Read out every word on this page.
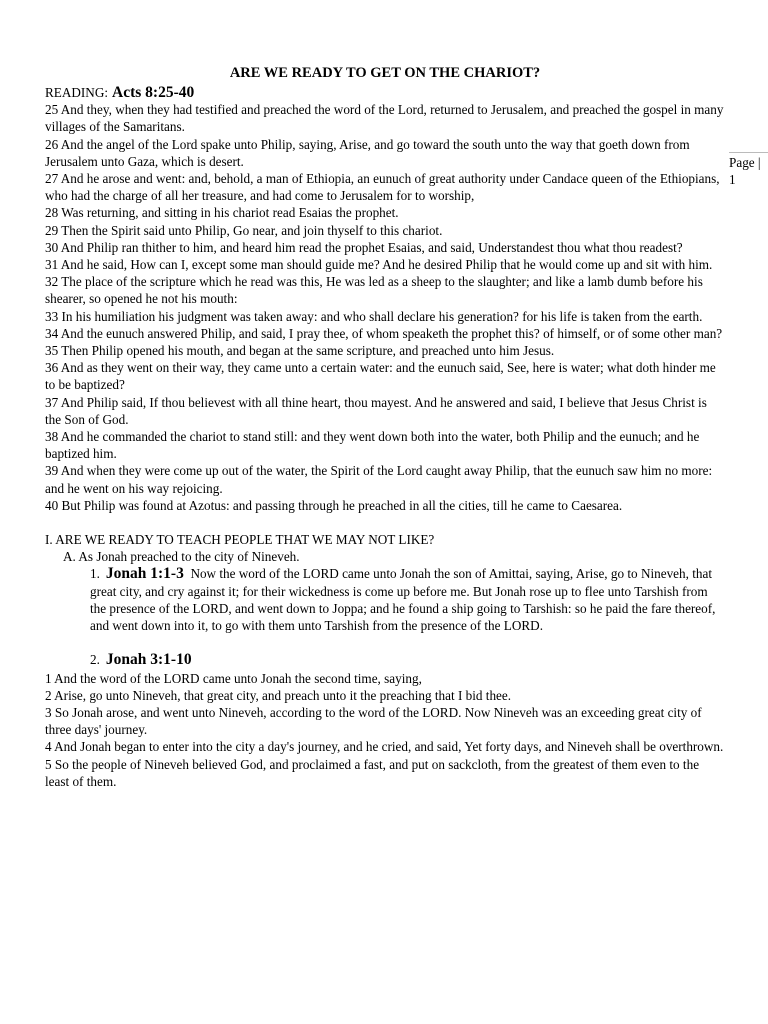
ARE WE READY TO GET ON THE CHARIOT?
READING: Acts 8:25-40
25 And they, when they had testified and preached the word of the Lord, returned to Jerusalem, and preached the gospel in many villages of the Samaritans.
26 And the angel of the Lord spake unto Philip, saying, Arise, and go toward the south unto the way that goeth down from Jerusalem unto Gaza, which is desert.
27 And he arose and went: and, behold, a man of Ethiopia, an eunuch of great authority under Candace queen of the Ethiopians, who had the charge of all her treasure, and had come to Jerusalem for to worship,
28 Was returning, and sitting in his chariot read Esaias the prophet.
29 Then the Spirit said unto Philip, Go near, and join thyself to this chariot.
30 And Philip ran thither to him, and heard him read the prophet Esaias, and said, Understandest thou what thou readest?
31 And he said, How can I, except some man should guide me? And he desired Philip that he would come up and sit with him.
32 The place of the scripture which he read was this, He was led as a sheep to the slaughter; and like a lamb dumb before his shearer, so opened he not his mouth:
33 In his humiliation his judgment was taken away: and who shall declare his generation? for his life is taken from the earth.
34 And the eunuch answered Philip, and said, I pray thee, of whom speaketh the prophet this? of himself, or of some other man?
35 Then Philip opened his mouth, and began at the same scripture, and preached unto him Jesus.
36 And as they went on their way, they came unto a certain water: and the eunuch said, See, here is water; what doth hinder me to be baptized?
37 And Philip said, If thou believest with all thine heart, thou mayest. And he answered and said, I believe that Jesus Christ is the Son of God.
38 And he commanded the chariot to stand still: and they went down both into the water, both Philip and the eunuch; and he baptized him.
39 And when they were come up out of the water, the Spirit of the Lord caught away Philip, that the eunuch saw him no more: and he went on his way rejoicing.
40 But Philip was found at Azotus: and passing through he preached in all the cities, till he came to Caesarea.
I. ARE WE READY TO TEACH PEOPLE THAT WE MAY NOT LIKE?
A. As Jonah preached to the city of Nineveh.
1. Jonah 1:1-3 Now the word of the LORD came unto Jonah the son of Amittai, saying, Arise, go to Nineveh, that great city, and cry against it; for their wickedness is come up before me. But Jonah rose up to flee unto Tarshish from the presence of the LORD, and went down to Joppa; and he found a ship going to Tarshish: so he paid the fare thereof, and went down into it, to go with them unto Tarshish from the presence of the LORD.
2. Jonah 3:1-10
1 And the word of the LORD came unto Jonah the second time, saying,
2 Arise, go unto Nineveh, that great city, and preach unto it the preaching that I bid thee.
3 So Jonah arose, and went unto Nineveh, according to the word of the LORD. Now Nineveh was an exceeding great city of three days' journey.
4 And Jonah began to enter into the city a day's journey, and he cried, and said, Yet forty days, and Nineveh shall be overthrown.
5 So the people of Nineveh believed God, and proclaimed a fast, and put on sackcloth, from the greatest of them even to the least of them.
Page |
1
